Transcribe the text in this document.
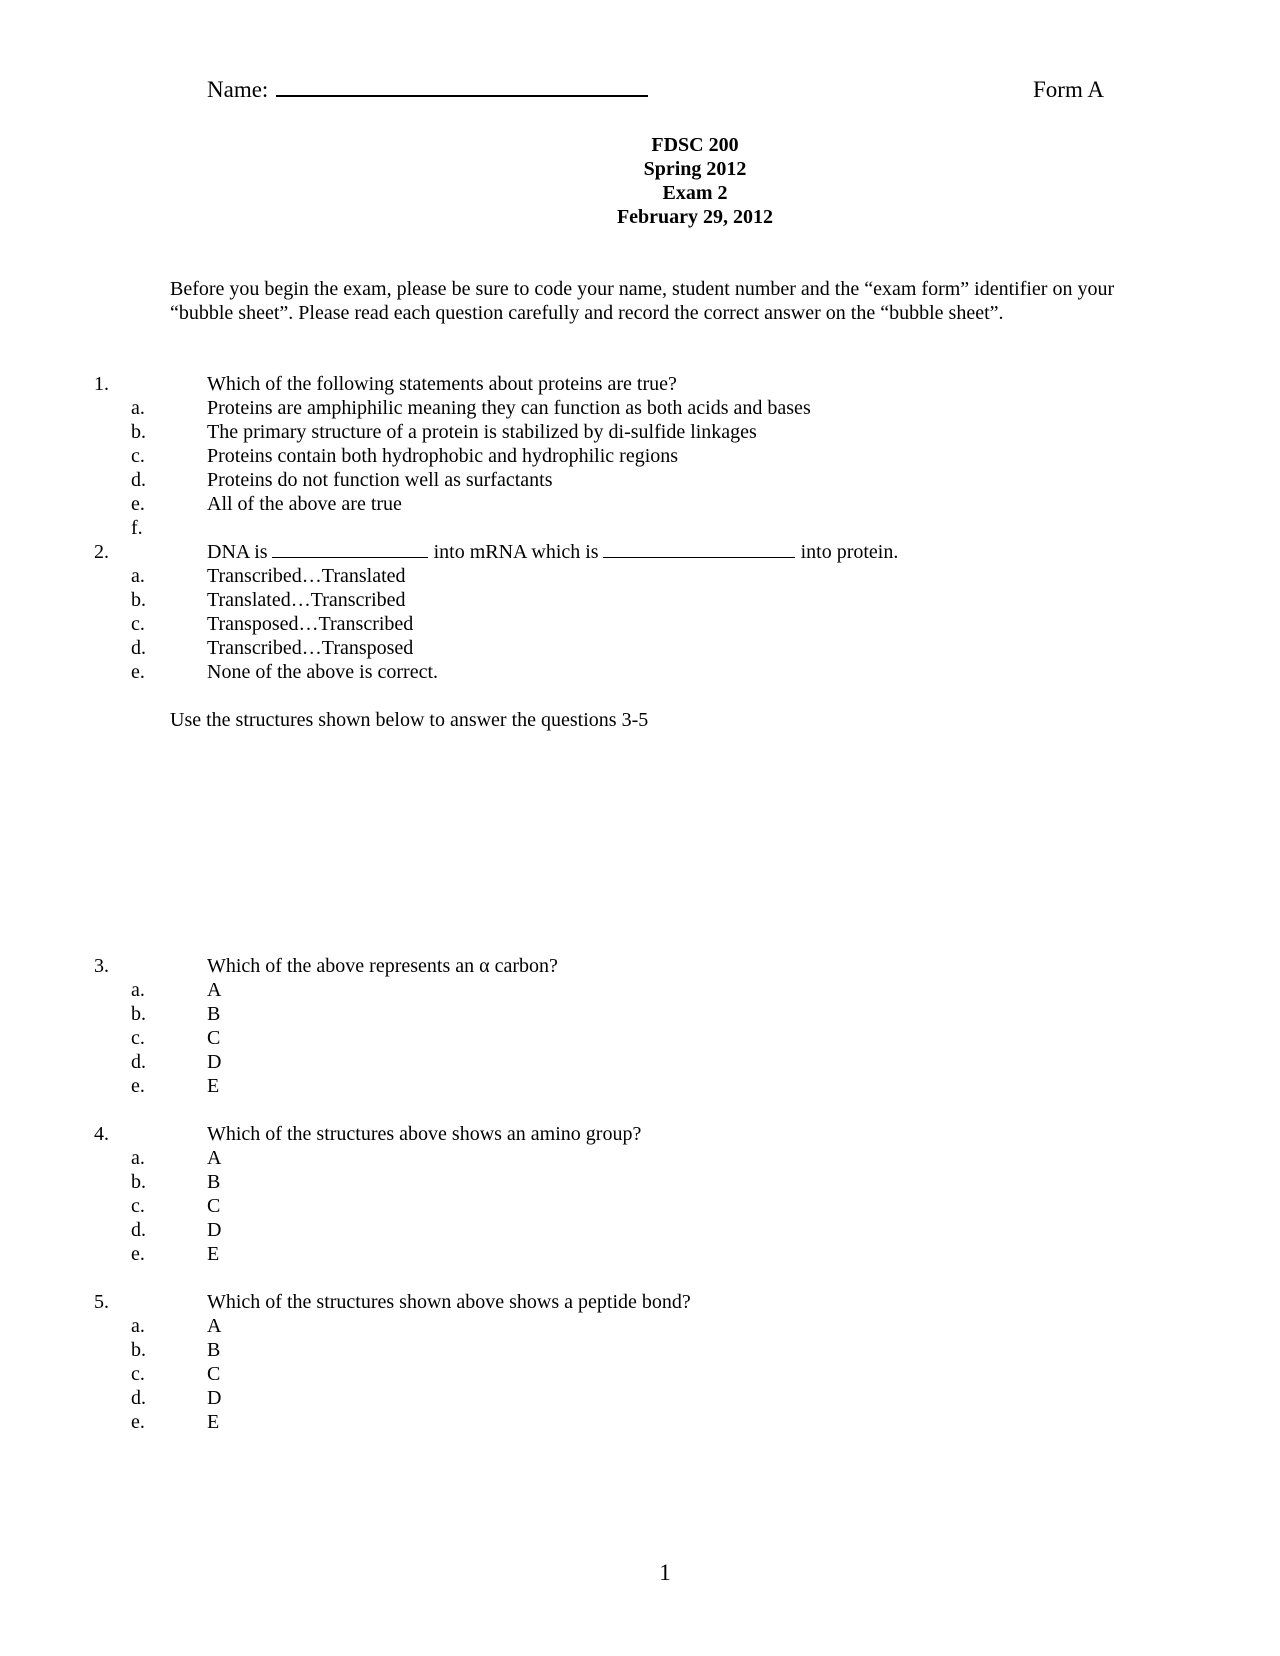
Name:	Form A
FDSC 200
Spring 2012
Exam 2
February 29, 2012
Before you begin the exam, please be sure to code your name, student number and the “exam form” identifier on your
“bubble sheet”. Please read each question carefully and record the correct answer on the “bubble sheet”.
1.	Which of the following statements about proteins are true?
a.	Proteins are amphiphilic meaning they can function as both acids and bases
b.	The primary structure of a protein is stabilized by di-sulfide linkages
c.	Proteins contain both hydrophobic and hydrophilic regions
d.	Proteins do not function well as surfactants
e.	All of the above are true
f.
2.	DNA is	into mRNA which is	into protein.
a.	Transcribed…Translated
b.	Translated…Transcribed
c.	Transposed…Transcribed
d.	Transcribed…Transposed
e.	None of the above is correct.
Use the structures shown below to answer the questions 3-5
3.	Which of the above represents an α carbon?
a.	A
b.	B
c.	C
d.	D
e.	E
4.	Which of the structures above shows an amino group?
a.	A
b.	B
c.	C
d.	D
e.	E
5.	Which of the structures shown above shows a peptide bond?
a.	A
b.	B
c.	C
d.	D
e.	E
1
